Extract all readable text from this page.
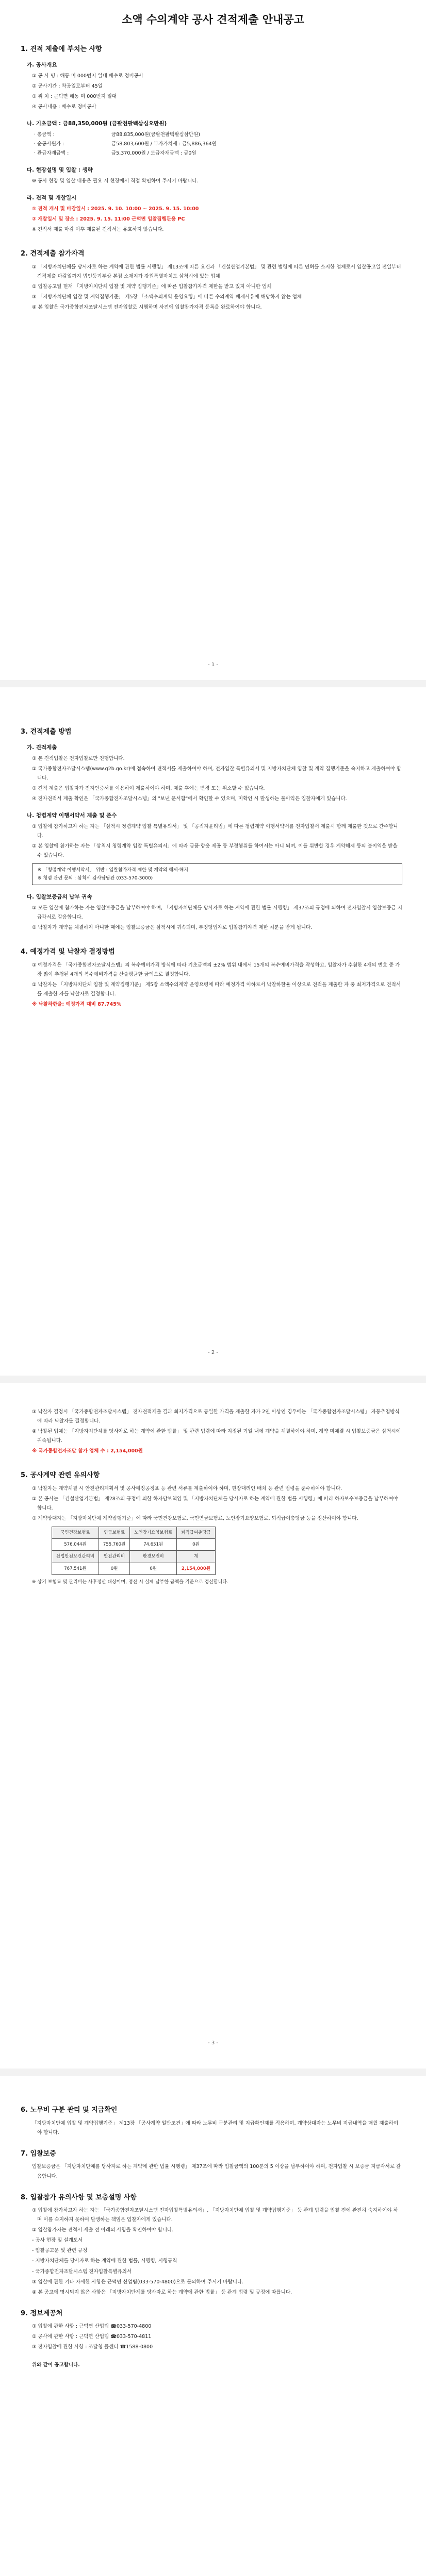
소액 수의계약 공사 견적제출 안내공고
1. 견적 제출에 부치는 사항
가. 공사개요
① 공 사 명 : 해동 미 000번지 일대 배수로 정비공사
② 공사기간 : 착공일로부터 45일
③ 위 치 : 근덕면 해동 미 000번지 일대
④ 공사내용 : 배수로 정비공사
나. 기초금액 : 금88,350,000원 (금팔천팔백삼십오만원)
· 총금액 :	금88,835,000원(금팔천팔백팔십삼만원)
· 순공사원가 :	금58,803,600원 / 부가가치세 : 금5,886,364원
· 관급자재금액 :	금5,370,000원 / 도급자재금액 : 금0원
다. 현장설명 및 입찰 : 생략
※ 공사 현장 및 입찰 내용은 필요 시 현장에서 직접 확인하여 주시기 바랍니다.
라. 견적 및 개찰일시
① 견적 개시 및 마감일시 : 2025. 9. 10. 10:00 ~ 2025. 9. 15. 10:00
② 개찰일시 및 장소 : 2025. 9. 15. 11:00 근덕면 입찰집행관용 PC
※ 견적서 제출 마감 이후 제출된 견적서는 유효하지 않습니다.
2. 견적제출 참가자격
① 「지방자치단체를 당사자로 하는 계약에 관한 법률 시행령」 제13조에 따른 요건과 「건설산업기본법」 및 관련 법령에 따른 면허를 소지한 업체로서 입찰공고일 전일부터 견적제출 마감일까지 법인등기부상 본점 소재지가 강원특별자치도 삼척시에 있는 업체
② 입찰공고일 현재 「지방자치단체 입찰 및 계약 집행기준」에 따른 입찰참가자격 제한을 받고 있지 아니한 업체
③ 「지방자치단체 입찰 및 계약집행기준」 제5장 「소액수의계약 운영요령」에 따른 수의계약 배제사유에 해당하지 않는 업체
④ 본 입찰은 국가종합전자조달시스템 전자입찰로 시행하며 사전에 입찰참가자격 등록을 완료하여야 합니다.
- 1 -
3. 견적제출 방법
가. 견적제출
① 본 견적입찰은 전자입찰로만 진행합니다.
② 국가종합전자조달시스템(www.g2b.go.kr)에 접속하여 견적서를 제출하여야 하며, 전자입찰 특별유의서 및 지방자치단체 입찰 및 계약 집행기준을 숙지하고 제출하여야 합니다.
③ 견적 제출은 입찰자가 전자인증서를 이용하여 제출하여야 하며, 제출 후에는 변경 또는 취소할 수 없습니다.
④ 전자견적서 제출 확인은 「국가종합전자조달시스템」의 "보낸 문서함"에서 확인할 수 있으며, 미확인 시 발생하는 불이익은 입찰자에게 있습니다.
나. 청렴계약 이행서약서 제출 및 준수
① 입찰에 참가하고자 하는 자는 「삼척시 청렴계약 입찰 특별유의서」 및 「공직자윤리법」에 따른 청렴계약 이행서약서를 전자입찰서 제출시 함께 제출한 것으로 간주합니다.
② 본 입찰에 참가하는 자는 「삼척시 청렴계약 입찰 특별유의서」에 따라 금품·향응 제공 등 부정행위를 하여서는 아니 되며, 이를 위반할 경우 계약해제 등의 불이익을 받을 수 있습니다.
※ 「청렴계약 이행서약서」 위반 : 입찰참가자격 제한 및 계약의 해제·해지
※ 청렴 관련 문의 : 삼척시 감사담당관 (033-570-3000)
다. 입찰보증금의 납부 귀속
① 모든 입찰에 참가하는 자는 입찰보증금을 납부하여야 하며, 「지방자치단체를 당사자로 하는 계약에 관한 법률 시행령」 제37조의 규정에 의하여 전자입찰시 입찰보증금 지급각서로 갈음합니다.
② 낙찰자가 계약을 체결하지 아니한 때에는 입찰보증금은 삼척시에 귀속되며, 부정당업자로 입찰참가자격 제한 처분을 받게 됩니다.
4. 예정가격 및 낙찰자 결정방법
① 예정가격은 「국가종합전자조달시스템」의 복수예비가격 방식에 따라 기초금액의 ±2% 범위 내에서 15개의 복수예비가격을 작성하고, 입찰자가 추첨한 4개의 번호 중 가장 많이 추첨된 4개의 복수예비가격을 산술평균한 금액으로 결정합니다.
② 낙찰자는 「지방자치단체 입찰 및 계약집행기준」 제5장 소액수의계약 운영요령에 따라 예정가격 이하로서 낙찰하한율 이상으로 견적을 제출한 자 중 최저가격으로 견적서를 제출한 자를 낙찰자로 결정합니다.
※ 낙찰하한율: 예정가격 대비 87.745%
- 2 -
③ 낙찰자 결정시 「국가종합전자조달시스템」 전자견적제출 결과 최저가격으로 동일한 가격을 제출한 자가 2인 이상인 경우에는 「국가종합전자조달시스템」 자동추첨방식에 따라 낙찰자를 결정합니다.
④ 낙찰된 업체는 「지방자치단체를 당사자로 하는 계약에 관한 법률」 및 관련 법령에 따라 지정된 기일 내에 계약을 체결하여야 하며, 계약 미체결 시 입찰보증금은 삼척시에 귀속됩니다.
※ 국가종합전자조달 참가 업체 수 : 2,154,000원
5. 공사계약 관련 유의사항
① 낙찰자는 계약체결 시 안전관리계획서 및 공사예정공정표 등 관련 서류를 제출하여야 하며, 현장대리인 배치 등 관련 법령을 준수하여야 합니다.
② 본 공사는 「건설산업기본법」 제28조의 규정에 의한 하자담보책임 및 「지방자치단체를 당사자로 하는 계약에 관한 법률 시행령」에 따라 하자보수보증금을 납부하여야 합니다.
③ 계약상대자는 「지방자치단체 계약집행기준」에 따라 국민건강보험료, 국민연금보험료, 노인장기요양보험료, 퇴직급여충당금 등을 정산하여야 합니다.
국민건강보험료	연금보험료	노인장기요양보험료	퇴직급여충당금
576,044원	755,760원	74,651원	0원
산업안전보건관리비	안전관리비	환경보전비	계
767,541원	0원	0원	2,154,000원
※ 상기 보험료 및 관리비는 사후정산 대상이며, 정산 시 실제 납부한 금액을 기준으로 정산합니다.
- 3 -
6. 노무비 구분 관리 및 지급확인
「지방자치단체 입찰 및 계약집행기준」 제13장 「공사계약 일반조건」에 따라 노무비 구분관리 및 지급확인제를 적용하며, 계약상대자는 노무비 지급내역을 매월 제출하여야 합니다.
7. 입찰보증
입찰보증금은 「지방자치단체를 당사자로 하는 계약에 관한 법률 시행령」 제37조에 따라 입찰금액의 100분의 5 이상을 납부하여야 하며, 전자입찰 시 보증금 지급각서로 갈음합니다.
8. 입찰참가 유의사항 및 보충설명 사항
① 입찰에 참가하고자 하는 자는 「국가종합전자조달시스템 전자입찰특별유의서」, 「지방자치단체 입찰 및 계약집행기준」 등 관계 법령을 입찰 전에 완전히 숙지하여야 하며 이를 숙지하지 못하여 발생하는 책임은 입찰자에게 있습니다.
② 입찰참가자는 견적서 제출 전 아래의 사항을 확인하여야 합니다.
- 공사 현장 및 설계도서
- 입찰공고문 및 관련 규정
- 지방자치단체를 당사자로 하는 계약에 관한 법률, 시행령, 시행규칙
- 국가종합전자조달시스템 전자입찰특별유의서
③ 입찰에 관한 기타 자세한 사항은 근덕면 산업팀(033-570-4800)으로 문의하여 주시기 바랍니다.
④ 본 공고에 명시되지 않은 사항은 「지방자치단체를 당사자로 하는 계약에 관한 법률」 등 관계 법령 및 규정에 따릅니다.
9. 정보제공처
① 입찰에 관한 사항 : 근덕면 산업팀 ☎033-570-4800
② 공사에 관한 사항 : 근덕면 산업팀 ☎033-570-4811
③ 전자입찰에 관한 사항 : 조달청 콜센터 ☎1588-0800
위와 같이 공고합니다.
